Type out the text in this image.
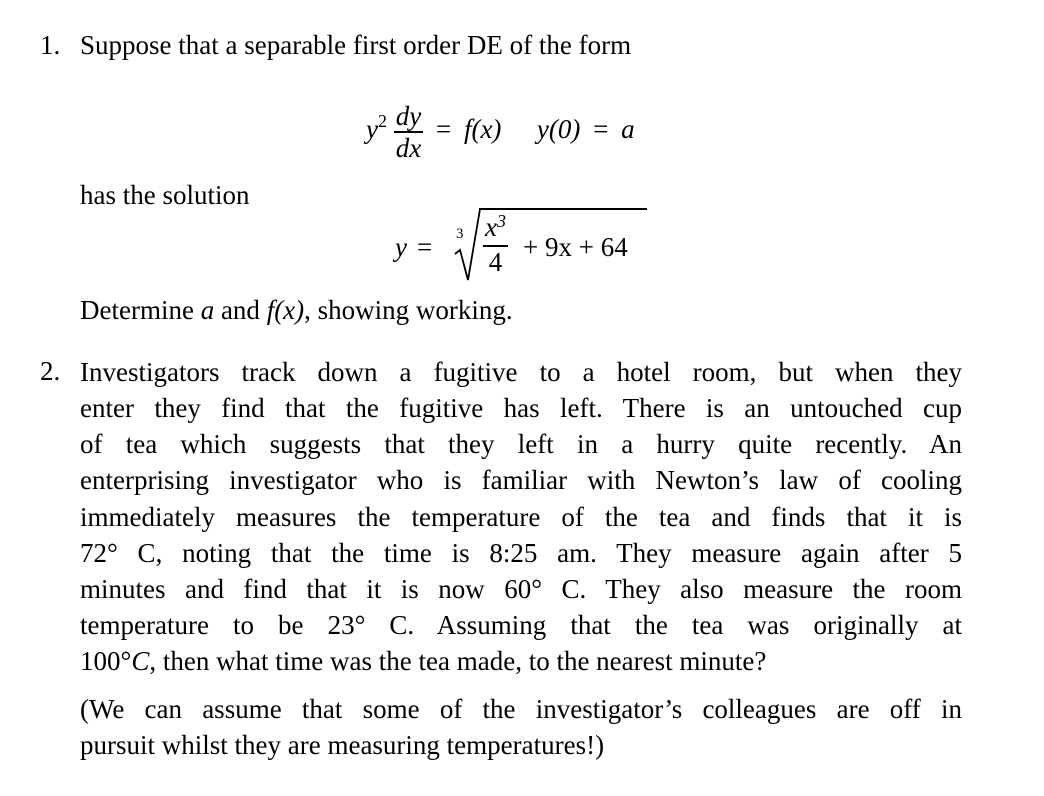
1. Suppose that a separable first order DE of the form
$y^2 \frac{dy}{dx} = f(x) y(0) = a$
has the solution
$y = 3 \frac{x^3}{4} + 9x + 64$
Determine a and f(x), showing working.
2. Investigators track down a fugitive to a hotel room, but when they
enter they find that the fugitive has left. There is an untouched cup
of tea which suggests that they left in a hurry quite recently. An
enterprising investigator who is familiar with Newton’s law of cooling
immediately measures the temperature of the tea and finds that it is
72° C, noting that the time is 8:25 am. They measure again after 5
minutes and find that it is now 60° C. They also measure the room
temperature to be 23° C. Assuming that the tea was originally at
100°C, then what time was the tea made, to the nearest minute?
(We can assume that some of the investigator’s colleagues are off in
pursuit whilst they are measuring temperatures!)
